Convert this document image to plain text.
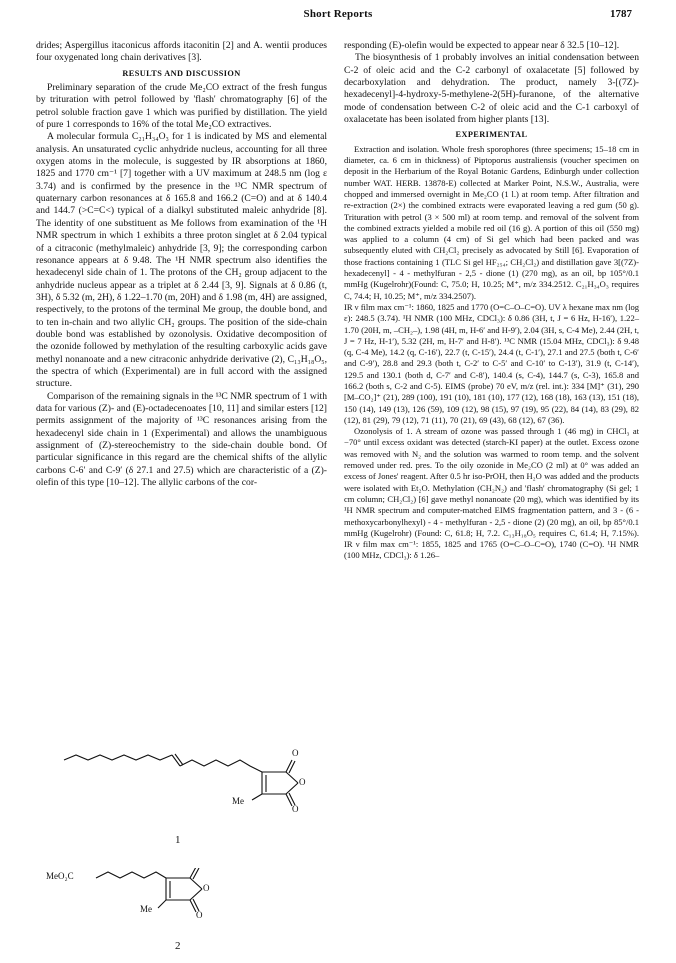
Short Reports	1787

drides; Aspergillus itaconicus affords itaconitin [2] and A. wentii produces four oxygenated long chain derivatives [3].

RESULTS AND DISCUSSION

Preliminary separation of the crude Me₂CO extract of the fresh fungus by trituration with petrol followed by 'flash' chromatography [6] of the petrol soluble fraction gave 1 which was purified by distillation. The yield of pure 1 corresponds to 16% of the total Me₂CO extractives.

A molecular formula C₂₁H₃₄O₃ for 1 is indicated by MS and elemental analysis. An unsaturated cyclic anhydride nucleus, accounting for all three oxygen atoms in the molecule, is suggested by IR absorptions at 1860, 1825 and 1770 cm⁻¹ [7] together with a UV maximum at 248.5 nm (log ε 3.74) and is confirmed by the presence in the ¹³C NMR spectrum of quaternary carbon resonances at δ 165.8 and 166.2 (C=O) and at δ 140.4 and 144.7 (>C=C<) typical of a dialkyl substituted maleic anhydride [8]. The identity of one substituent as Me follows from examination of the ¹H NMR spectrum in which 1 exhibits a three proton singlet at δ 2.04 typical of a citraconic (methylmaleic) anhydride [3, 9]; the corresponding carbon resonance appears at δ 9.48. The ¹H NMR spectrum also identifies the hexadecenyl side chain of 1. The protons of the CH₂ group adjacent to the anhydride nucleus appear as a triplet at δ 2.44 [3, 9]. Signals at δ 0.86 (t, 3H), δ 5.32 (m, 2H), δ 1.22–1.70 (m, 20H) and δ 1.98 (m, 4H) are assigned, respectively, to the protons of the terminal Me group, the double bond, and to ten in-chain and two allylic CH₂ groups. The position of the side-chain double bond was established by ozonolysis. Oxidative decomposition of the ozonide followed by methylation of the resulting carboxylic acids gave methyl nonanoate and a new citraconic anhydride derivative (2), C₁₃H₁₈O₅, the spectra of which (Experimental) are in full accord with the assigned structure.

Comparison of the remaining signals in the ¹³C NMR spectrum of 1 with data for various (Z)- and (E)-octadecenoates [10, 11] and similar esters [12] permits assignment of the majority of ¹³C resonances arising from the hexadecenyl side chain in 1 (Experimental) and allows the unambiguous assignment of (Z)-stereochemistry to the side-chain double bond. Of particular significance in this regard are the chemical shifts of the allylic carbons C-6′ and C-9′ (δ 27.1 and 27.5) which are characteristic of a (Z)-olefin of this type [10–12]. The allylic carbons of the cor-

O
O
O
Me
1
MeO₂C
O
O
Me
2

responding (E)-olefin would be expected to appear near δ 32.5 [10–12].

The biosynthesis of 1 probably involves an initial condensation between C-2 of oleic acid and the C-2 carbonyl of oxalacetate [5] followed by decarboxylation and dehydration. The product, namely 3-[(7Z)-hexadecenyl]-4-hydroxy-5-methylene-2(5H)-furanone, of the alternative mode of condensation between C-2 of oleic acid and the C-1 carboxyl of oxalacetate has been isolated from higher plants [13].

EXPERIMENTAL

Extraction and isolation. Whole fresh sporophores (three specimens; 15–18 cm in diameter, ca. 6 cm in thickness) of Piptoporus australiensis (voucher specimen on deposit in the Herbarium of the Royal Botanic Gardens, Edinburgh under collection number WAT. HERB. 13878-E) collected at Marker Point, N.S.W., Australia, were chopped and immersed overnight in Me₂CO (1 l.) at room temp. After filtration and re-extraction (2×) the combined extracts were evaporated leaving a red gum (50 g). Trituration with petrol (3 × 500 ml) at room temp. and removal of the solvent from the combined extracts yielded a mobile red oil (16 g). A portion of this oil (550 mg) was applied to a column (4 cm) of Si gel which had been packed and was subsequently eluted with CH₂Cl₂ precisely as advocated by Still [6]. Evaporation of those fractions containing 1 (TLC Si gel HF₂₅₄; CH₂Cl₂) and distillation gave 3[(7Z)-hexadecenyl] - 4 - methylfuran - 2,5 - dione (1) (270 mg), as an oil, bp 105°/0.1 mmHg (Kugelrohr)(Found: C, 75.0; H, 10.25; M⁺, m/z 334.2512. C₂₁H₃₄O₃ requires C, 74.4; H, 10.25; M⁺, m/z 334.2507).

IR ν film max cm⁻¹: 1860, 1825 and 1770 (O=C–O–C=O). UV λ hexane max nm (log ε): 248.5 (3.74). ¹H NMR (100 MHz, CDCl₃): δ 0.86 (3H, t, J = 6 Hz, H-16′), 1.22–1.70 (20H, m, –CH₂–), 1.98 (4H, m, H-6′ and H-9′), 2.04 (3H, s, C-4 Me), 2.44 (2H, t, J = 7 Hz, H-1′), 5.32 (2H, m, H-7′ and H-8′). ¹³C NMR (15.04 MHz, CDCl₃): δ 9.48 (q, C-4 Me), 14.2 (q, C-16′), 22.7 (t, C-15′), 24.4 (t, C-1′), 27.1 and 27.5 (both t, C-6′ and C-9′), 28.8 and 29.3 (both t, C-2′ to C-5′ and C-10′ to C-13′), 31.9 (t, C-14′), 129.5 and 130.1 (both d, C-7′ and C-8′), 140.4 (s, C-4), 144.7 (s, C-3), 165.8 and 166.2 (both s, C-2 and C-5). EIMS (probe) 70 eV, m/z (rel. int.): 334 [M]⁺ (31), 290 [M–CO₂]⁺ (21), 289 (100), 191 (10), 181 (10), 177 (12), 168 (18), 163 (13), 151 (18), 150 (14), 149 (13), 126 (59), 109 (12), 98 (15), 97 (19), 95 (22), 84 (14), 83 (29), 82 (12), 81 (29), 79 (12), 71 (11), 70 (21), 69 (43), 68 (12), 67 (36).

Ozonolysis of 1. A stream of ozone was passed through 1 (46 mg) in CHCl₃ at −70° until excess oxidant was detected (starch-KI paper) at the outlet. Excess ozone was removed with N₂ and the solution was warmed to room temp. and the solvent removed under red. pres. To the oily ozonide in Me₂CO (2 ml) at 0° was added an excess of Jones' reagent. After 0.5 hr iso-PrOH, then H₂O was added and the products were isolated with Et₂O. Methylation (CH₂N₂) and 'flash' chromatography (Si gel; 1 cm column; CH₂Cl₂) [6] gave methyl nonanoate (20 mg), which was identified by its ¹H NMR spectrum and computer-matched EIMS fragmentation pattern, and 3 - (6 - methoxycarbonylhexyl) - 4 - methylfuran - 2,5 - dione (2) (20 mg), an oil, bp 85°/0.1 mmHg (Kugelrohr) (Found: C, 61.8; H, 7.2. C₁₃H₁₈O₅ requires C, 61.4; H, 7.15%). IR ν film max cm⁻¹: 1855, 1825 and 1765 (O=C–O–C=O), 1740 (C=O). ¹H NMR (100 MHz, CDCl₃): δ 1.26–
